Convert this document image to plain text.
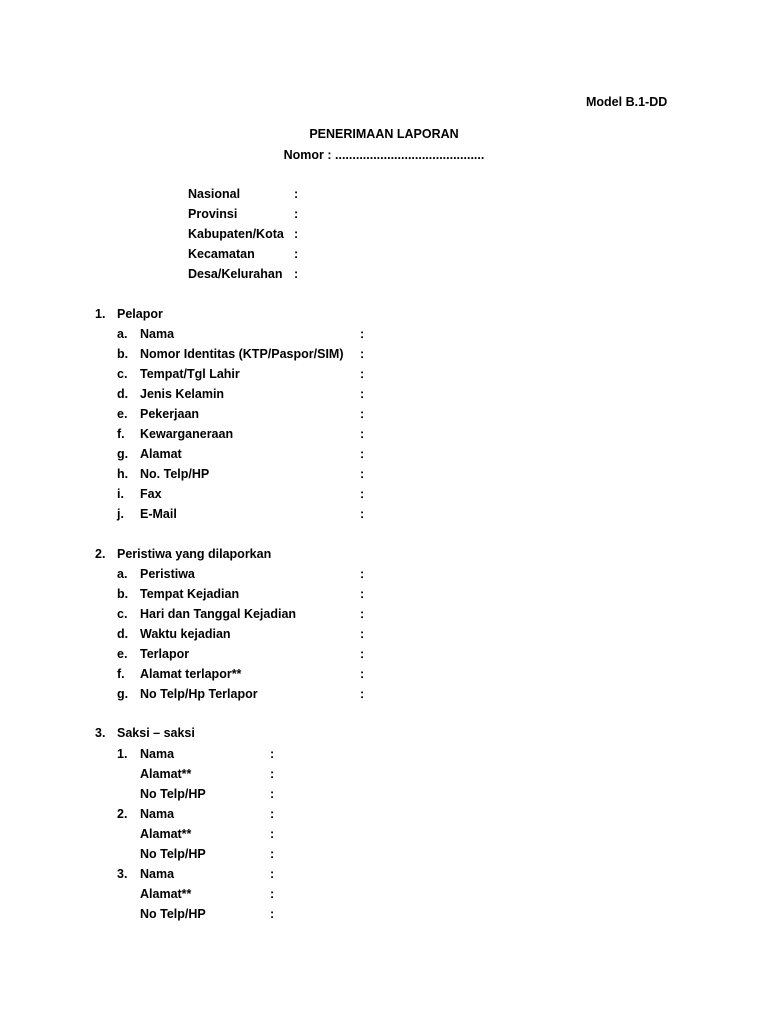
Model B.1-DD
PENERIMAAN LAPORAN
Nomor : ...........................................
Nasional	:
Provinsi	:
Kabupaten/Kota :
Kecamatan	:
Desa/Kelurahan :
1. Pelapor
a. Nama	:
b. Nomor Identitas (KTP/Paspor/SIM) :
c. Tempat/Tgl Lahir	:
d. Jenis Kelamin	:
e. Pekerjaan	:
f. Kewarganeraan	:
g. Alamat	:
h. No. Telp/HP	:
i. Fax	:
j. E-Mail	:
2. Peristiwa yang dilaporkan
a. Peristiwa	:
b. Tempat Kejadian	:
c. Hari dan Tanggal Kejadian	:
d. Waktu kejadian	:
e. Terlapor	:
f. Alamat terlapor**	:
g. No Telp/Hp Terlapor	:
3. Saksi – saksi
1. Nama	:
Alamat**	:
No Telp/HP	:
2. Nama	:
Alamat**	:
No Telp/HP	:
3. Nama	:
Alamat**	:
No Telp/HP	:
